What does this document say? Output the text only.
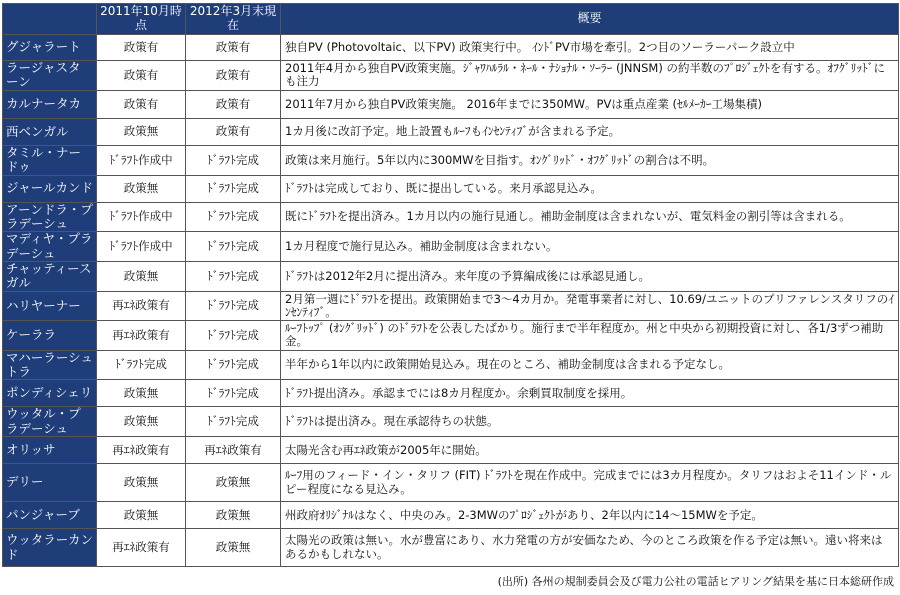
	2011年10月時点	2012年3月末現在	概要
グジャラート	政策有	政策有	独自PV (Photovoltaic、以下PV) 政策実行中。 ｲﾝﾄﾞPV市場を牽引。2つ目のソーラーパーク設立中
ラージャスターン	政策有	政策有	2011年4月から独自PV政策実施。ｼﾞｬﾜﾊﾙﾗﾙ・ﾈｰﾙ・ﾅｼｮﾅﾙ・ｿｰﾗｰ (JNNSM) の約半数のﾌﾟﾛｼﾞｪｸﾄを有する。ｵﾌｸﾞﾘｯﾄﾞにも注力
カルナータカ	政策有	政策有	2011年7月から独自PV政策実施。 2016年までに350MW。PVは重点産業 (ｾﾙﾒｰｶｰ工場集積)
西ベンガル	政策無	政策有	1カ月後に改訂予定。地上設置もﾙｰﾌもｲﾝｾﾝﾃｨﾌﾞが含まれる予定。
タミル・ナードゥ	ﾄﾞﾗﾌﾄ作成中	ﾄﾞﾗﾌﾄ完成	政策は来月施行。5年以内に300MWを目指す。ｵﾝｸﾞﾘｯﾄﾞ・ｵﾌｸﾞﾘｯﾄﾞの割合は不明。
ジャールカンド	政策無	ﾄﾞﾗﾌﾄ完成	ﾄﾞﾗﾌﾄは完成しており、既に提出している。来月承認見込み。
アーンドラ・プラデーシュ	ﾄﾞﾗﾌﾄ作成中	ﾄﾞﾗﾌﾄ完成	既にﾄﾞﾗﾌﾄを提出済み。1カ月以内の施行見通し。補助金制度は含まれないが、電気料金の割引等は含まれる。
マディヤ・プラデーシュ	ﾄﾞﾗﾌﾄ作成中	ﾄﾞﾗﾌﾄ完成	1カ月程度で施行見込み。補助金制度は含まれない。
チャッティースガル	政策無	ﾄﾞﾗﾌﾄ完成	ﾄﾞﾗﾌﾄは2012年2月に提出済み。来年度の予算編成後には承認見通し。
ハリヤーナー	再ｴﾈ政策有	ﾄﾞﾗﾌﾄ完成	2月第一週にﾄﾞﾗﾌﾄを提出。政策開始まで3〜4カ月か。発電事業者に対し、10.69/ユニットのプリファレンスタリフのｲﾝｾﾝﾃｨﾌﾞ。
ケーララ	再ｴﾈ政策有	ﾄﾞﾗﾌﾄ完成	ﾙｰﾌﾄｯﾌﾟ (ｵﾝｸﾞﾘｯﾄﾞ) のﾄﾞﾗﾌﾄを公表したばかり。施行まで半年程度か。州と中央から初期投資に対し、各1/3ずつ補助金。
マハーラーシュトラ	ﾄﾞﾗﾌﾄ完成	ﾄﾞﾗﾌﾄ完成	半年から1年以内に政策開始見込み。現在のところ、補助金制度は含まれる予定なし。
ポンディシェリ	政策無	ﾄﾞﾗﾌﾄ完成	ﾄﾞﾗﾌﾄ提出済み。承認までには8カ月程度か。余剰買取制度を採用。
ウッタル・プラデーシュ	政策無	ﾄﾞﾗﾌﾄ完成	ﾄﾞﾗﾌﾄは提出済み。現在承認待ちの状態。
オリッサ	再ｴﾈ政策有	再ｴﾈ政策有	太陽光含む再ｴﾈ政策が2005年に開始。
デリー	政策無	政策無	ﾙｰﾌ用のフィード・イン・タリフ (FIT) ﾄﾞﾗﾌﾄを現在作成中。完成までには3カ月程度か。タリフはおよそ11インド・ルピー程度になる見込み。
パンジャーブ	政策無	政策無	州政府ｵﾘｼﾞﾅﾙはなく、中央のみ。2-3MWのﾌﾟﾛｼﾞｪｸﾄがあり、2年以内に14〜15MWを予定。
ウッタラーカンド	再ｴﾈ政策有	政策無	太陽光の政策は無い。水が豊富にあり、水力発電の方が安価なため、今のところ政策を作る予定は無い。遠い将来はあるかもしれない。
(出所) 各州の規制委員会及び電力公社の電話ヒアリング結果を基に日本総研作成
